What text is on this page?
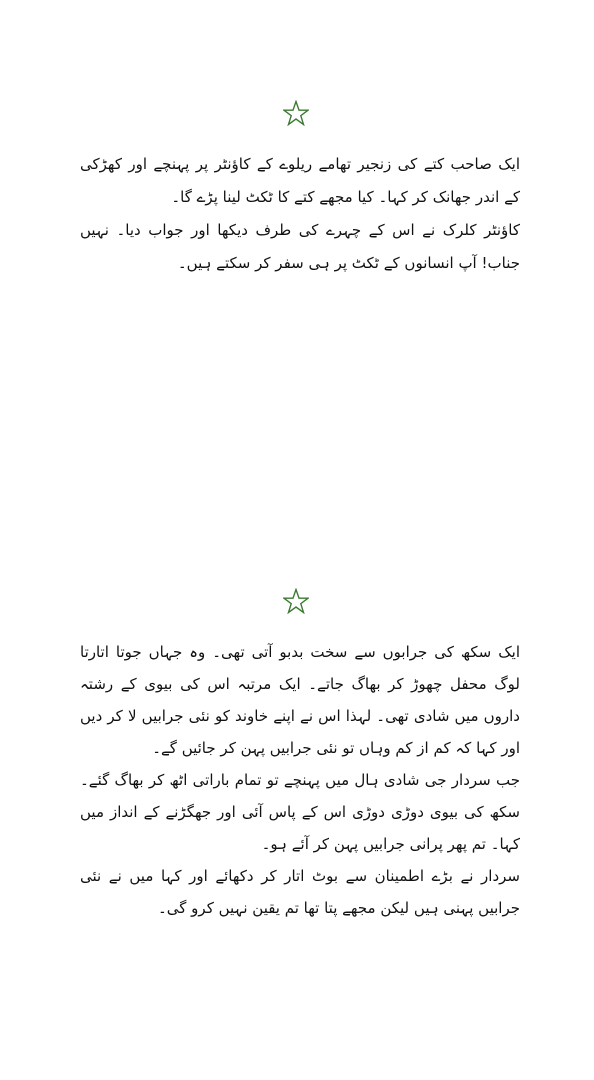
ایک صاحب کتے کی زنجیر تھامے ریلوے کے کاؤنٹر پر پہنچے اور کھڑکی کے اندر جھانک کر کہا۔ کیا مجھے کتے کا ٹکٹ لینا پڑے گا۔

کاؤنٹر کلرک نے اس کے چہرے کی طرف دیکھا اور جواب دیا۔ نہیں جناب! آپ انسانوں کے ٹکٹ پر ہی سفر کر سکتے ہیں۔

ایک سکھ کی جرابوں سے سخت بدبو آتی تھی۔ وہ جہاں جوتا اتارتا لوگ محفل چھوڑ کر بھاگ جاتے۔ ایک مرتبہ اس کی بیوی کے رشتہ داروں میں شادی تھی۔ لہذا اس نے اپنے خاوند کو نئی جرابیں لا کر دیں اور کہا کہ کم از کم وہاں تو نئی جرابیں پہن کر جائیں گے۔

جب سردار جی شادی ہال میں پہنچے تو تمام باراتی اٹھ کر بھاگ گئے۔ سکھ کی بیوی دوڑی دوڑی اس کے پاس آئی اور جھگڑنے کے انداز میں کہا۔ تم پھر پرانی جرابیں پہن کر آئے ہو۔

سردار نے بڑے اطمینان سے بوٹ اتار کر دکھائے اور کہا میں نے نئی جرابیں پہنی ہیں لیکن مجھے پتا تھا تم یقین نہیں کرو گی۔
